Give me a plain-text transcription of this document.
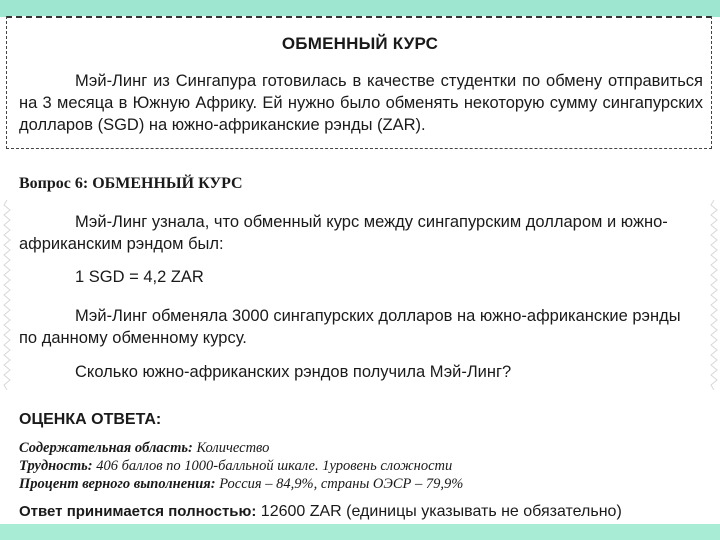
ОБМЕННЫЙ КУРС
Мэй-Линг из Сингапура готовилась в качестве студентки по обмену отправиться на 3 месяца в Южную Африку. Ей нужно было обменять некоторую сумму сингапурских долларов (SGD) на южно-африканские рэнды (ZAR).
Вопрос 6: ОБМЕННЫЙ КУРС
Мэй-Линг узнала, что обменный курс между сингапурским долларом и южно-африканским рэндом был:
1 SGD = 4,2 ZAR
Мэй-Линг обменяла 3000 сингапурских долларов на южно-африканские рэнды по данному обменному курсу.
Сколько южно-африканских рэндов получила Мэй-Линг?
ОЦЕНКА ОТВЕТА:
Содержательная область: Количество
Трудность: 406 баллов по 1000-балльной шкале. 1уровень сложности
Процент верного выполнения: Россия – 84,9%, страны ОЭСР – 79,9%
Ответ принимается полностью: 12600 ZAR (единицы указывать не обязательно)
